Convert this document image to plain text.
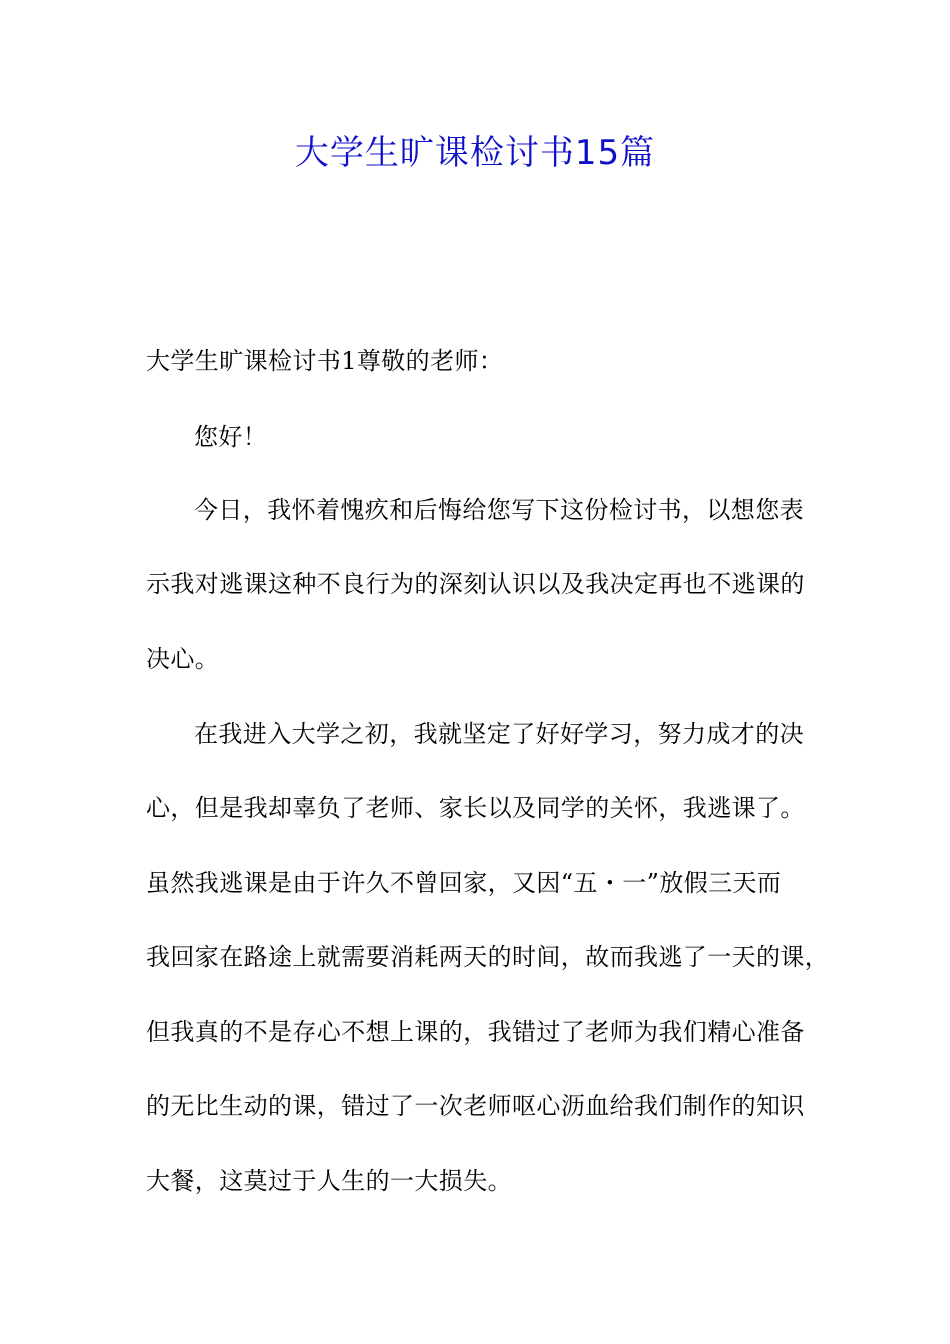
大学生旷课检讨书15篇
大学生旷课检讨书1尊敬的老师：
您好！
今日，我怀着愧疚和后悔给您写下这份检讨书，以想您表
示我对逃课这种不良行为的深刻认识以及我决定再也不逃课的
决心。
在我进入大学之初，我就坚定了好好学习，努力成才的决
心，但是我却辜负了老师、家长以及同学的关怀，我逃课了。
虽然我逃课是由于许久不曾回家，又因“五・一”放假三天而
我回家在路途上就需要消耗两天的时间，故而我逃了一天的课，
但我真的不是存心不想上课的，我错过了老师为我们精心准备
的无比生动的课，错过了一次老师呕心沥血给我们制作的知识
大餐，这莫过于人生的一大损失。
